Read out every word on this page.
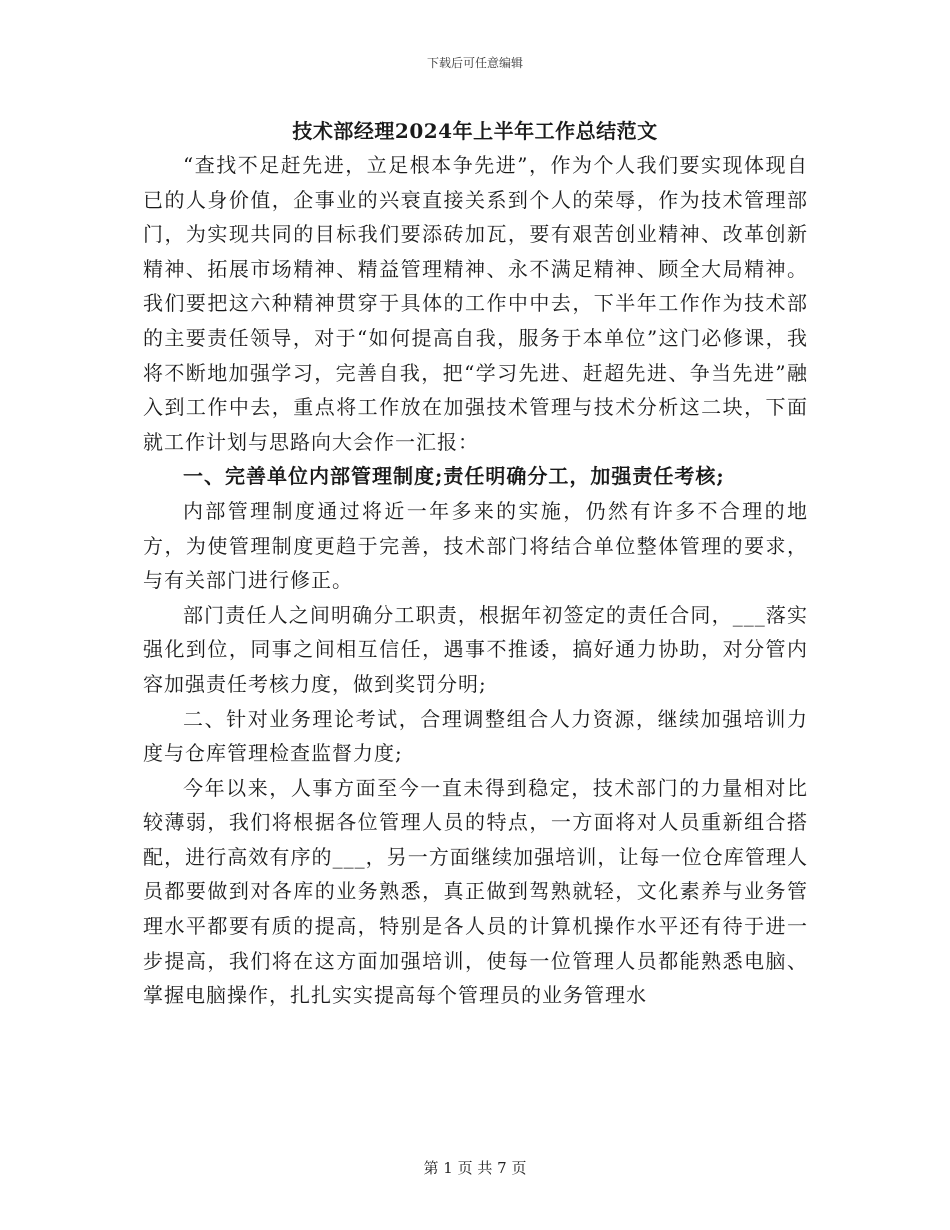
下载后可任意编辑
技术部经理2024年上半年工作总结范文

“查找不足赶先进，立足根本争先进”，作为个人我们要实现体现自已的人身价值，企事业的兴衰直接关系到个人的荣辱，作为技术管理部门，为实现共同的目标我们要添砖加瓦，要有艰苦创业精神、改革创新精神、拓展市场精神、精益管理精神、永不满足精神、顾全大局精神。我们要把这六种精神贯穿于具体的工作中中去，下半年工作作为技术部的主要责任领导，对于“如何提高自我，服务于本单位”这门必修课，我将不断地加强学习，完善自我，把“学习先进、赶超先进、争当先进”融入到工作中去，重点将工作放在加强技术管理与技术分析这二块，下面就工作计划与思路向大会作一汇报：

一、完善单位内部管理制度;责任明确分工，加强责任考核;

内部管理制度通过将近一年多来的实施，仍然有许多不合理的地方，为使管理制度更趋于完善，技术部门将结合单位整体管理的要求，与有关部门进行修正。

部门责任人之间明确分工职责，根据年初签定的责任合同，___落实强化到位，同事之间相互信任，遇事不推诿，搞好通力协助，对分管内容加强责任考核力度，做到奖罚分明;

二、针对业务理论考试，合理调整组合人力资源，继续加强培训力度与仓库管理检查监督力度;

今年以来，人事方面至今一直未得到稳定，技术部门的力量相对比较薄弱，我们将根据各位管理人员的特点，一方面将对人员重新组合搭配，进行高效有序的___，另一方面继续加强培训，让每一位仓库管理人员都要做到对各库的业务熟悉，真正做到驾熟就轻，文化素养与业务管理水平都要有质的提高，特别是各人员的计算机操作水平还有待于进一步提高，我们将在这方面加强培训，使每一位管理人员都能熟悉电脑、掌握电脑操作，扎扎实实提高每个管理员的业务管理水

第 1 页 共 7 页
